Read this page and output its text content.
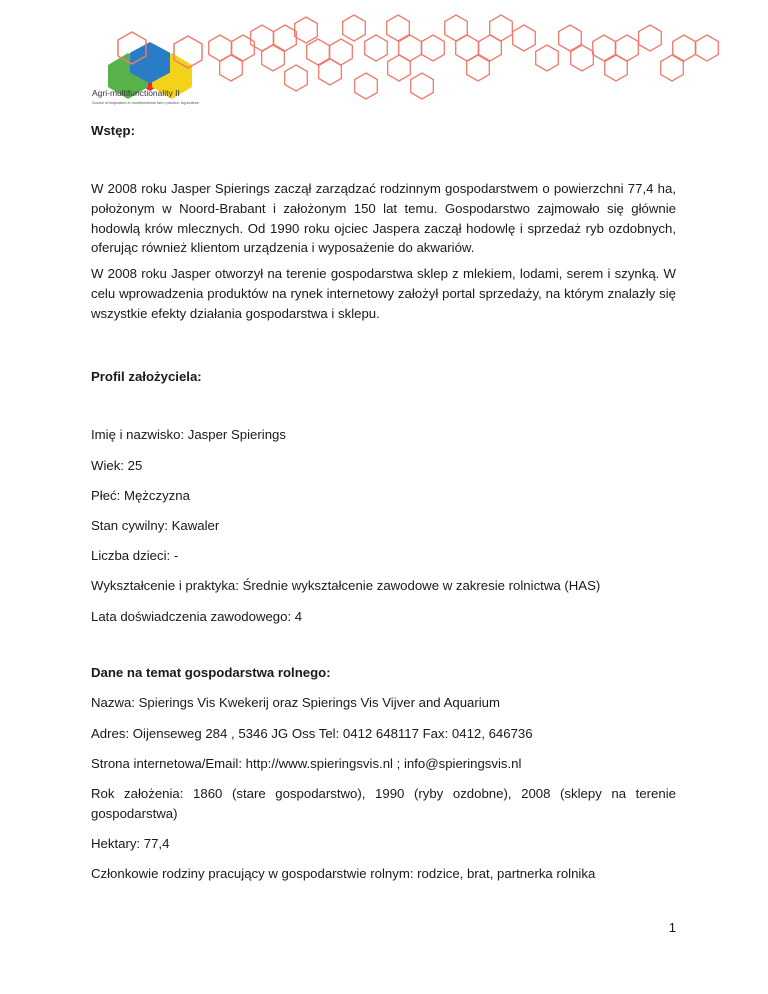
Agri-multifunctionality II
Source of inspiration in multifunctional farm practice: Agriculture
Wstęp:
W 2008 roku Jasper Spierings zaczął zarządzać rodzinnym gospodarstwem o powierzchni 77,4 ha, położonym w Noord-Brabant i założonym 150 lat temu. Gospodarstwo zajmowało się głównie hodowlą krów mlecznych. Od 1990 roku ojciec Jaspera zaczął hodowlę i sprzedaż ryb ozdobnych, oferując również klientom urządzenia i wyposażenie do akwariów.
W 2008 roku Jasper otworzył na terenie gospodarstwa sklep z mlekiem, lodami, serem i szynką. W celu wprowadzenia produktów na rynek internetowy założył portal sprzedaży, na którym znalazły się wszystkie efekty działania gospodarstwa i sklepu.
Profil założyciela:
Imię i nazwisko: Jasper Spierings
Wiek: 25
Płeć: Mężczyzna
Stan cywilny: Kawaler
Liczba dzieci: -
Wykształcenie i praktyka: Średnie wykształcenie zawodowe w zakresie rolnictwa (HAS)
Lata doświadczenia zawodowego: 4
Dane na temat gospodarstwa rolnego:
Nazwa: Spierings Vis Kwekerij oraz Spierings Vis Vijver and Aquarium
Adres: Oijenseweg 284 , 5346 JG Oss Tel: 0412 648117 Fax: 0412, 646736
Strona internetowa/Email: http://www.spieringsvis.nl ; info@spieringsvis.nl
Rok założenia: 1860 (stare gospodarstwo), 1990 (ryby ozdobne), 2008 (sklepy na terenie gospodarstwa)
Hektary: 77,4
Członkowie rodziny pracujący w gospodarstwie rolnym: rodzice, brat, partnerka rolnika
1
